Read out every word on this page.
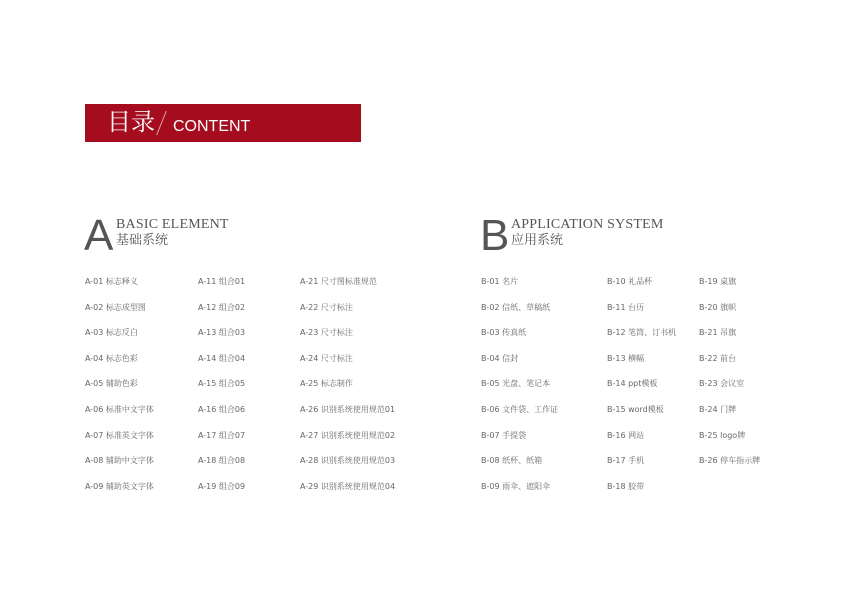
目录 CONTENT
A BASIC ELEMENT
基础系统	B APPLICATION SYSTEM
应用系统
A-01 标志释义
A-02 标志成型图
A-03 标志反白
A-04 标志色彩
A-05 辅助色彩
A-06 标准中文字体
A-07 标准英文字体
A-08 辅助中文字体
A-09 辅助英文字体
A-11 组合01
A-12 组合02
A-13 组合03
A-14 组合04
A-15 组合05
A-16 组合06
A-17 组合07
A-18 组合08
A-19 组合09
A-21 尺寸图标准规范
A-22 尺寸标注
A-23 尺寸标注
A-24 尺寸标注
A-25 标志制作
A-26 识别系统使用规范01
A-27 识别系统使用规范02
A-28 识别系统使用规范03
A-29 识别系统使用规范04
B-01 名片
B-02 信纸、草稿纸
B-03 传真纸
B-04 信封
B-05 光盘、笔记本
B-06 文件袋、工作证
B-07 手提袋
B-08 纸杯、纸箱
B-09 雨伞、遮阳伞
B-10 礼品杯
B-11 台历
B-12 笔筒、订书机
B-13 横幅
B-14 ppt模板
B-15 word模板
B-16 网站
B-17 手机
B-18 胶带
B-19 桌旗
B-20 旗帜
B-21 吊旗
B-22 前台
B-23 会议室
B-24 门牌
B-25 logo牌
B-26 停车指示牌
